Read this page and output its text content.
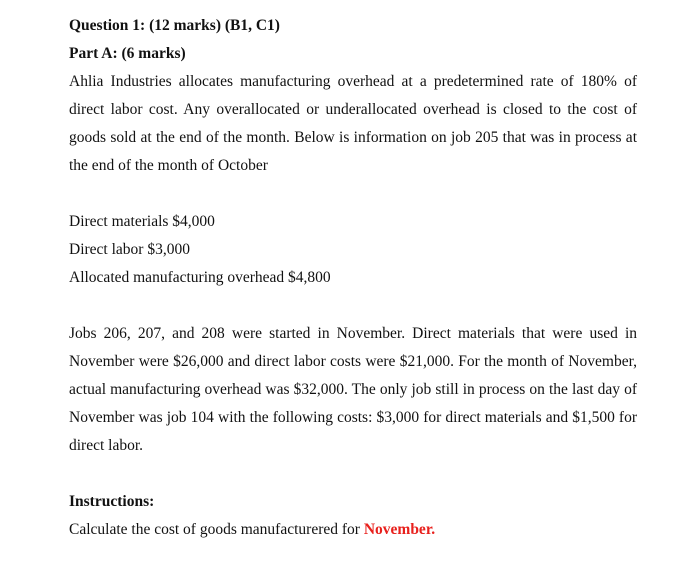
Question 1: (12 marks) (B1, C1)

Part A: (6 marks)

Ahlia Industries allocates manufacturing overhead at a predetermined rate of 180% of direct labor cost. Any overallocated or underallocated overhead is closed to the cost of goods sold at the end of the month. Below is information on job 205 that was in process at the end of the month of October

Direct materials $4,000

Direct labor $3,000

Allocated manufacturing overhead $4,800

Jobs 206, 207, and 208 were started in November. Direct materials that were used in November were $26,000 and direct labor costs were $21,000. For the month of November, actual manufacturing overhead was $32,000. The only job still in process on the last day of November was job 104 with the following costs: $3,000 for direct materials and $1,500 for direct labor.

Instructions:

Calculate the cost of goods manufacturered for November.
